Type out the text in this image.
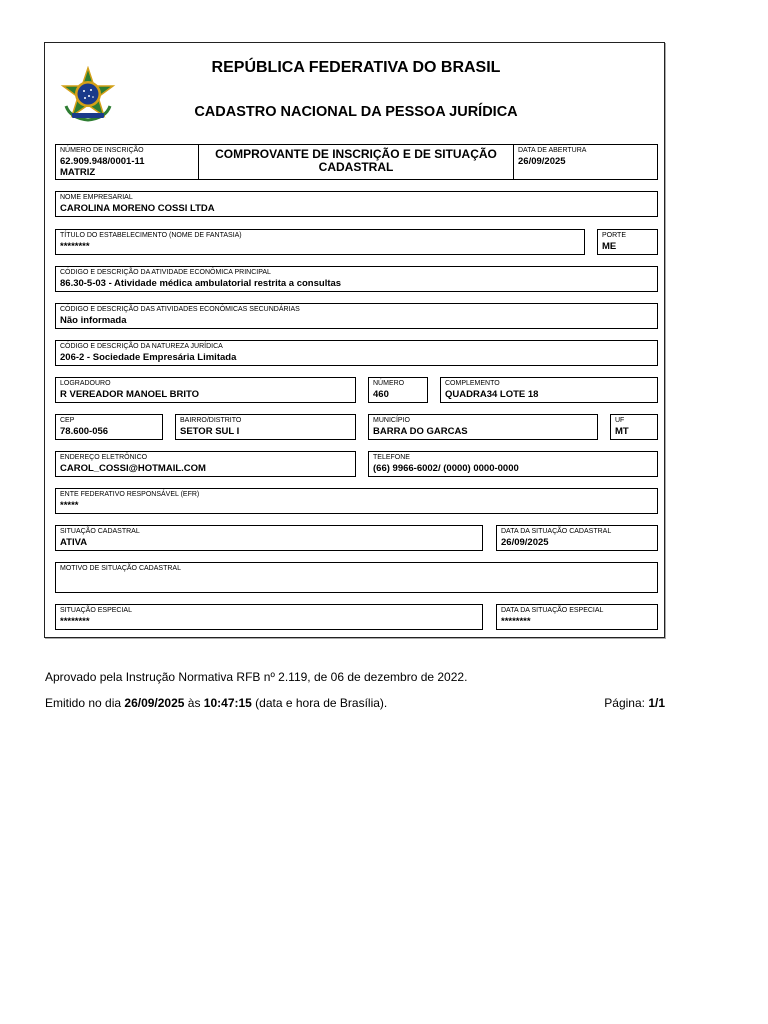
REPÚBLICA FEDERATIVA DO BRASIL
CADASTRO NACIONAL DA PESSOA JURÍDICA
NÚMERO DE INSCRIÇÃO
62.909.948/0001-11
MATRIZ
COMPROVANTE DE INSCRIÇÃO E DE SITUAÇÃO
CADASTRAL
DATA DE ABERTURA
26/09/2025
NOME EMPRESARIAL
CAROLINA MORENO COSSI LTDA
TÍTULO DO ESTABELECIMENTO (NOME DE FANTASIA)
********
PORTE
ME
CÓDIGO E DESCRIÇÃO DA ATIVIDADE ECONÔMICA PRINCIPAL
86.30-5-03 - Atividade médica ambulatorial restrita a consultas
CÓDIGO E DESCRIÇÃO DAS ATIVIDADES ECONÔMICAS SECUNDÁRIAS
Não informada
CÓDIGO E DESCRIÇÃO DA NATUREZA JURÍDICA
206-2 - Sociedade Empresária Limitada
LOGRADOURO
R VEREADOR MANOEL BRITO
NÚMERO
460
COMPLEMENTO
QUADRA34 LOTE 18
CEP
78.600-056
BAIRRO/DISTRITO
SETOR SUL I
MUNICÍPIO
BARRA DO GARCAS
UF
MT
ENDEREÇO ELETRÔNICO
CAROL_COSSI@HOTMAIL.COM
TELEFONE
(66) 9966-6002/ (0000) 0000-0000
ENTE FEDERATIVO RESPONSÁVEL (EFR)
*****
SITUAÇÃO CADASTRAL
ATIVA
DATA DA SITUAÇÃO CADASTRAL
26/09/2025
MOTIVO DE SITUAÇÃO CADASTRAL
SITUAÇÃO ESPECIAL
********
DATA DA SITUAÇÃO ESPECIAL
********
Aprovado pela Instrução Normativa RFB nº 2.119, de 06 de dezembro de 2022.
Emitido no dia 26/09/2025 às 10:47:15 (data e hora de Brasília).	Página: 1/1
